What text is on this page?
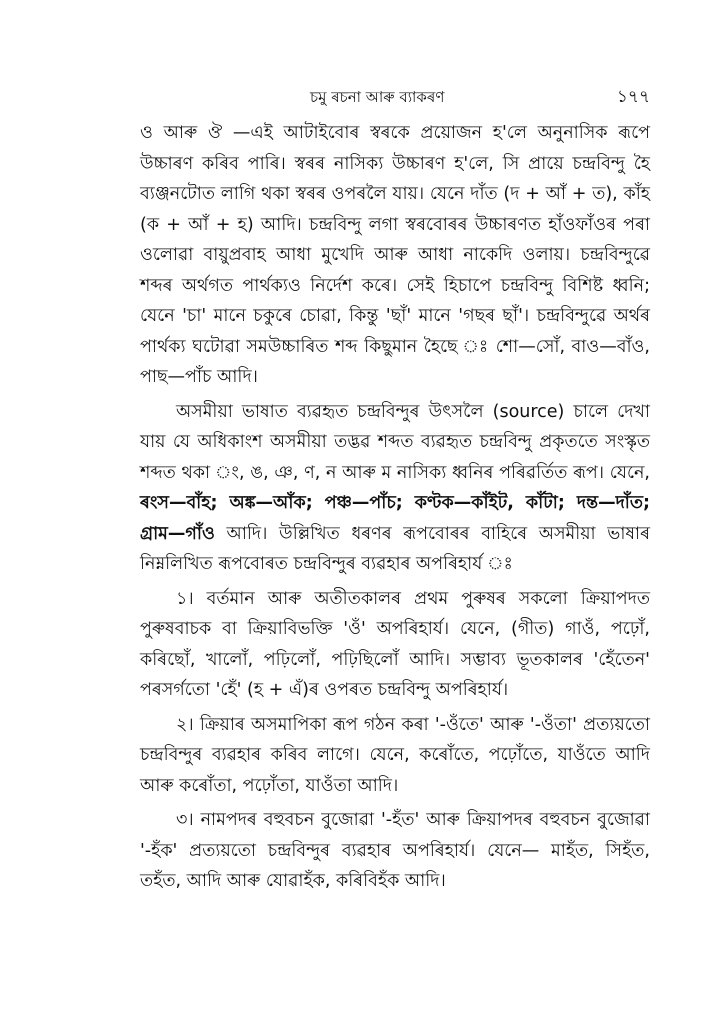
চমু ৰচনা আৰু ব্যাকৰণ	১৭৭

ও আৰু ঔ —এই আটাইবোৰ স্বৰকে প্ৰয়োজন হ'লে অনুনাসিক ৰূপে উচ্চাৰণ কৰিব পাৰি। স্বৰৰ নাসিক্য উচ্চাৰণ হ'লে, সি প্ৰায়ে চন্দ্ৰবিন্দু হৈ ব্যঞ্জনটোত লাগি থকা স্বৰৰ ওপৰলৈ যায়। যেনে দাঁত (দ + আঁ + ত), কাঁহ (ক + আঁ + হ) আদি। চন্দ্ৰবিন্দু লগা স্বৰবোৰৰ উচ্চাৰণত হাঁওফাঁওৰ পৰা ওলোৱা বায়ুপ্ৰবাহ আধা মুখেদি আৰু আধা নাকেদি ওলায়। চন্দ্ৰবিন্দুৱে শব্দৰ অৰ্থগত পাৰ্থক্যও নিৰ্দেশ কৰে। সেই হিচাপে চন্দ্ৰবিন্দু বিশিষ্ট ধ্বনি; যেনে 'চা' মানে চকুৰে চোৱা, কিন্তু 'ছাঁ' মানে 'গছৰ ছাঁ'। চন্দ্ৰবিন্দুৱে অৰ্থৰ পাৰ্থক্য ঘটোৱা সমউচ্চাৰিত শব্দ কিছুমান হৈছে ঃ শো—সোঁ, বাও—বাঁও, পাছ—পাঁচ আদি।

অসমীয়া ভাষাত ব্যৱহৃত চন্দ্ৰবিন্দুৰ উৎসলৈ (source) চালে দেখা যায় যে অধিকাংশ অসমীয়া তদ্ভৱ শব্দত ব্যৱহৃত চন্দ্ৰবিন্দু প্ৰকৃততে সংস্কৃত শব্দত থকা ং, ঙ, ঞ, ণ, ন আৰু ম নাসিক্য ধ্বনিৰ পৰিৱৰ্তিত ৰূপ। যেনে, ৰংস—বাঁহ; অঙ্ক—আঁক; পঞ্চ—পাঁচ; কণ্টক—কাঁইট, কাঁটা; দন্ত—দাঁত; গ্ৰাম—গাঁও আদি। উল্লিখিত ধৰণৰ ৰূপবোৰৰ বাহিৰে অসমীয়া ভাষাৰ নিম্নলিখিত ৰূপবোৰত চন্দ্ৰবিন্দুৰ ব্যৱহাৰ অপৰিহাৰ্য ঃ

১। বৰ্তমান আৰু অতীতকালৰ প্ৰথম পুৰুষৰ সকলো ক্ৰিয়াপদত পুৰুষবাচক বা ক্ৰিয়াবিভক্তি 'ওঁ' অপৰিহাৰ্য। যেনে, (গীত) গাওঁ, পঢ়োঁ, কৰিছোঁ, খালোঁ, পঢ়িলোঁ, পঢ়িছিলোঁ আদি। সম্ভাব্য ভূতকালৰ 'হেঁতেন' পৰসৰ্গতো 'হেঁ' (হ + এঁ)ৰ ওপৰত চন্দ্ৰবিন্দু অপৰিহাৰ্য।

২। ক্ৰিয়াৰ অসমাপিকা ৰূপ গঠন কৰা '-ওঁতে' আৰু '-ওঁতা' প্ৰত্যয়তো চন্দ্ৰবিন্দুৰ ব্যৱহাৰ কৰিব লাগে। যেনে, কৰোঁতে, পঢ়োঁতে, যাওঁতে আদি আৰু কৰোঁতা, পঢ়োঁতা, যাওঁতা আদি।

৩। নামপদৰ বহুবচন বুজোৱা '-হঁত' আৰু ক্ৰিয়াপদৰ বহুবচন বুজোৱা '-হঁক' প্ৰত্যয়তো চন্দ্ৰবিন্দুৰ ব্যৱহাৰ অপৰিহাৰ্য। যেনে— মাহঁত, সিহঁত, তহঁত, আদি আৰু যোৱাহঁক, কৰিবিহঁক আদি।
